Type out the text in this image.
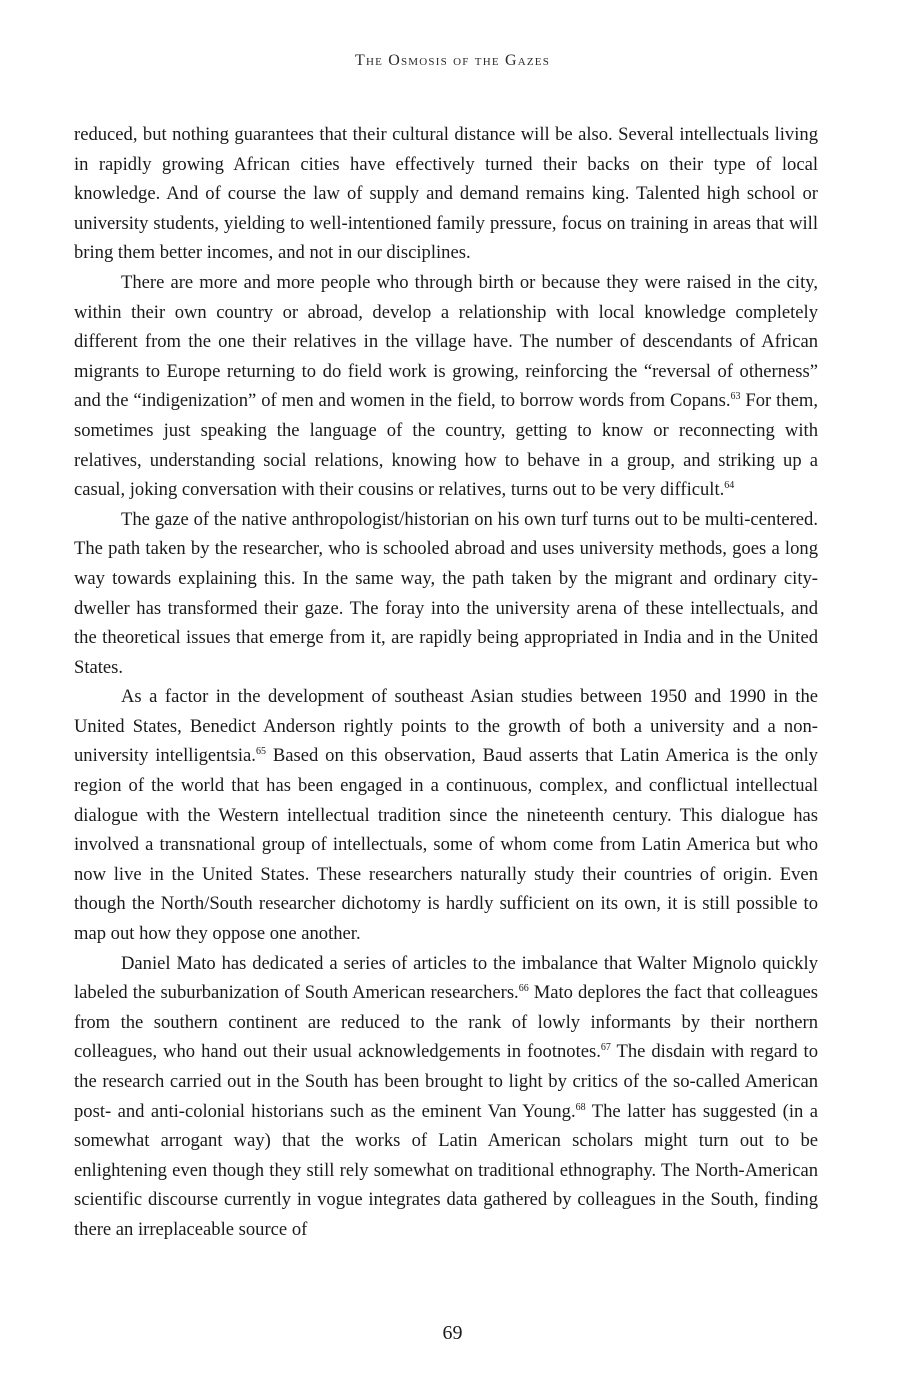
The Osmosis of the Gazes

reduced, but nothing guarantees that their cultural distance will be also. Several intellectuals living in rapidly growing African cities have effectively turned their backs on their type of local knowledge. And of course the law of supply and demand remains king. Talented high school or university students, yielding to well-intentioned family pressure, focus on training in areas that will bring them better incomes, and not in our disciplines.

There are more and more people who through birth or because they were raised in the city, within their own country or abroad, develop a relationship with local knowledge completely different from the one their relatives in the village have. The number of descendants of African migrants to Europe returning to do field work is growing, reinforcing the “reversal of otherness” and the “indigenization” of men and women in the field, to borrow words from Copans.$^{63}$ For them, sometimes just speaking the language of the country, getting to know or reconnecting with relatives, understanding social relations, knowing how to behave in a group, and striking up a casual, joking conversation with their cousins or relatives, turns out to be very difficult.$^{64}$

The gaze of the native anthropologist/historian on his own turf turns out to be multi-centered. The path taken by the researcher, who is schooled abroad and uses university methods, goes a long way towards explaining this. In the same way, the path taken by the migrant and ordinary city-dweller has transformed their gaze. The foray into the university arena of these intellectuals, and the theoretical issues that emerge from it, are rapidly being appropriated in India and in the United States.

As a factor in the development of southeast Asian studies between 1950 and 1990 in the United States, Benedict Anderson rightly points to the growth of both a university and a non-university intelligentsia.$^{65}$ Based on this observation, Baud asserts that Latin America is the only region of the world that has been engaged in a continuous, complex, and conflictual intellectual dialogue with the Western intellectual tradition since the nineteenth century. This dialogue has involved a transnational group of intellectuals, some of whom come from Latin America but who now live in the United States. These researchers naturally study their countries of origin. Even though the North/South researcher dichotomy is hardly sufficient on its own, it is still possible to map out how they oppose one another.

Daniel Mato has dedicated a series of articles to the imbalance that Walter Mignolo quickly labeled the suburbanization of South American researchers.$^{66}$ Mato deplores the fact that colleagues from the southern continent are reduced to the rank of lowly informants by their northern colleagues, who hand out their usual acknowledgements in footnotes.$^{67}$ The disdain with regard to the research carried out in the South has been brought to light by critics of the so-called American post- and anti-colonial historians such as the eminent Van Young.$^{68}$ The latter has suggested (in a somewhat arrogant way) that the works of Latin American scholars might turn out to be enlightening even though they still rely somewhat on traditional ethnography. The North-American scientific discourse currently in vogue integrates data gathered by colleagues in the South, finding there an irreplaceable source of

69
